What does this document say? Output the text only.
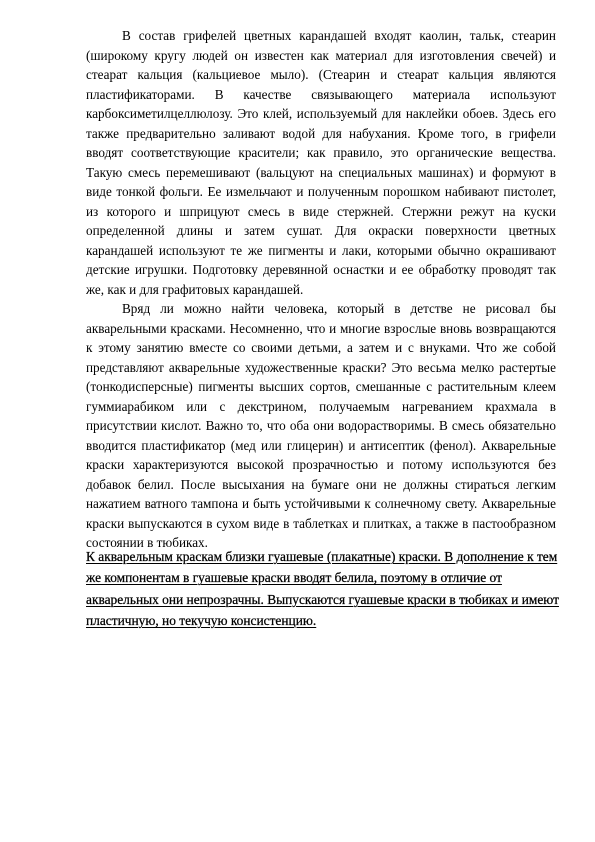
В состав грифелей цветных карандашей входят каолин, тальк, стеарин (широкому кругу людей он известен как материал для изготовления свечей) и стеарат кальция (кальциевое мыло). (Стеарин и стеарат кальция являются пластификаторами. В качестве связывающего материала используют карбоксиметилцеллюлозу. Это клей, используемый для наклейки обоев. Здесь его также предварительно заливают водой для набухания. Кроме того, в грифели вводят соответствующие красители; как правило, это органические вещества. Такую смесь перемешивают (вальцуют на специальных машинах) и формуют в виде тонкой фольги. Ее измельчают и полученным порошком набивают пистолет, из которого и шприцуют смесь в виде стержней. Стержни режут на куски определенной длины и затем сушат. Для окраски поверхности цветных карандашей используют те же пигменты и лаки, которыми обычно окрашивают детские игрушки. Подготовку деревянной оснастки и ее обработку проводят так же, как и для графитовых карандашей.

Вряд ли можно найти человека, который в детстве не рисовал бы акварельными красками. Несомненно, что и многие взрослые вновь возвращаются к этому занятию вместе со своими детьми, а затем и с внуками. Что же собой представляют акварельные художественные краски? Это весьма мелко растертые (тонкодисперсные) пигменты высших сортов, смешанные с растительным клеем гуммиарабиком или с декстрином, получаемым нагреванием крахмала в присутствии кислот. Важно то, что оба они водорастворимы. В смесь обязательно вводится пластификатор (мед или глицерин) и антисептик (фенол). Акварельные краски характеризуются высокой прозрачностью и потому используются без добавок белил. После высыхания на бумаге они не должны стираться легким нажатием ватного тампона и быть устойчивыми к солнечному свету. Акварельные краски выпускаются в сухом виде в таблетках и плитках, а также в пастообразном состоянии в тюбиках.

К акварельным краскам близки гуашевые (плакатные) краски. В дополнение к тем же компонентам в гуашевые краски вводят белила, поэтому в отличие от акварельных они непрозрачны. Выпускаются гуашевые краски в тюбиках и имеют пластичную, но текучую консистенцию.
